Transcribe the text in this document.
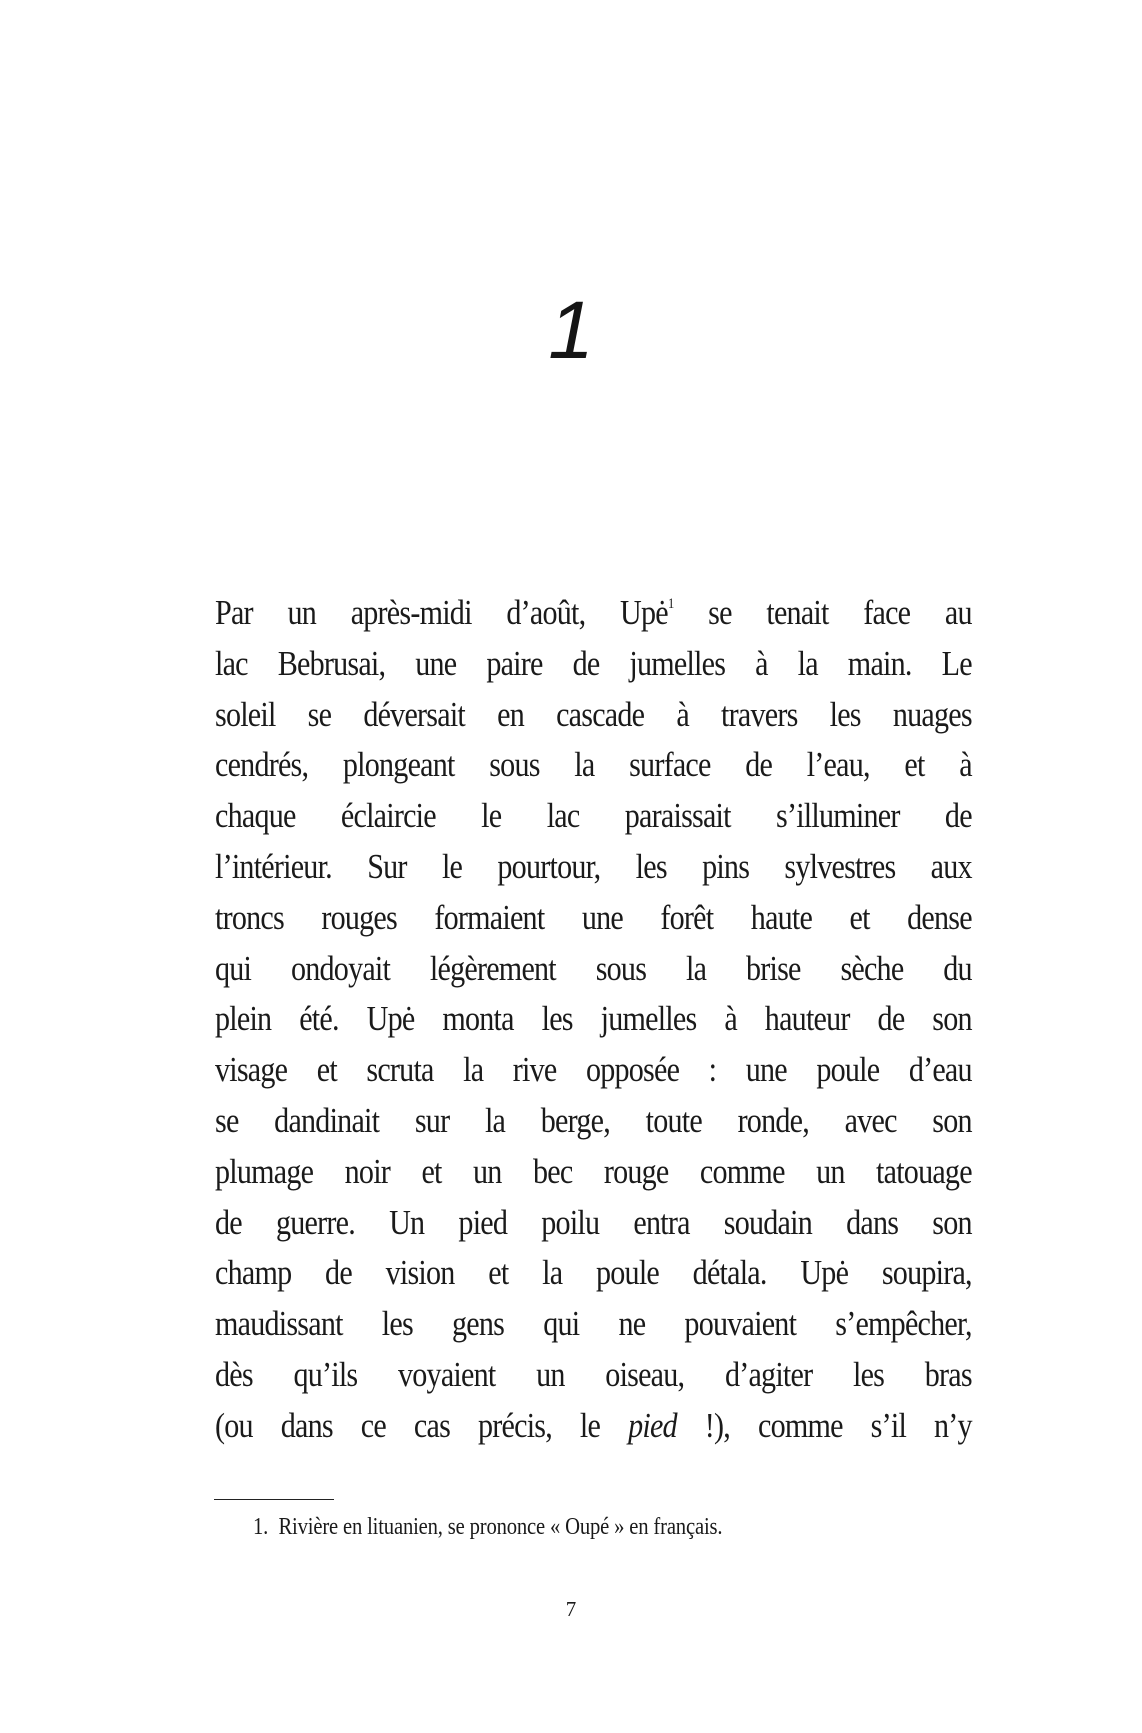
1
Par un après-midi d’août, Upė$^1$ se tenait face au
lac Bebrusai, une paire de jumelles à la main. Le
soleil se déversait en cascade à travers les nuages
cendrés, plongeant sous la surface de l’eau, et à
chaque éclaircie le lac paraissait s’illuminer de
l’intérieur. Sur le pourtour, les pins sylvestres aux
troncs rouges formaient une forêt haute et dense
qui ondoyait légèrement sous la brise sèche du
plein été. Upė monta les jumelles à hauteur de son
visage et scruta la rive opposée : une poule d’eau
se dandinait sur la berge, toute ronde, avec son
plumage noir et un bec rouge comme un tatouage
de guerre. Un pied poilu entra soudain dans son
champ de vision et la poule détala. Upė soupira,
maudissant les gens qui ne pouvaient s’empêcher,
dès qu’ils voyaient un oiseau, d’agiter les bras
(ou dans ce cas précis, le pied !), comme s’il n’y
1. Rivière en lituanien, se prononce « Oupé » en français.
7
